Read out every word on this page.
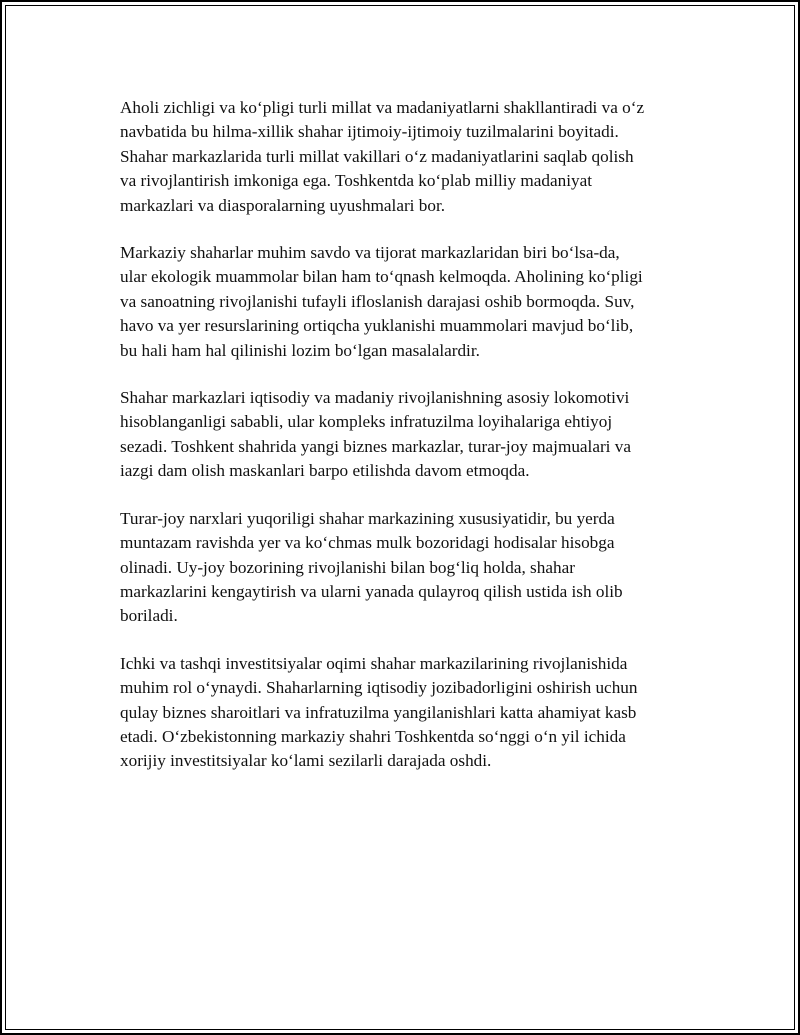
Aholi zichligi va ko‘pligi turli millat va madaniyatlarni shakllantiradi va o‘z
navbatida bu hilma-xillik shahar ijtimoiy-ijtimoiy tuzilmalarini boyitadi.
Shahar markazlarida turli millat vakillari o‘z madaniyatlarini saqlab qolish
va rivojlantirish imkoniga ega. Toshkentda ko‘plab milliy madaniyat
markazlari va diasporalarning uyushmalari bor.

Markaziy shaharlar muhim savdo va tijorat markazlaridan biri bo‘lsa-da,
ular ekologik muammolar bilan ham to‘qnash kelmoqda. Aholining ko‘pligi
va sanoatning rivojlanishi tufayli ifloslanish darajasi oshib bormoqda. Suv,
havo va yer resurslarining ortiqcha yuklanishi muammolari mavjud bo‘lib,
bu hali ham hal qilinishi lozim bo‘lgan masalalardir.

Shahar markazlari iqtisodiy va madaniy rivojlanishning asosiy lokomotivi
hisoblanganligi sababli, ular kompleks infratuzilma loyihalariga ehtiyoj
sezadi. Toshkent shahrida yangi biznes markazlar, turar-joy majmualari va
iazgi dam olish maskanlari barpo etilishda davom etmoqda.

Turar-joy narxlari yuqoriligi shahar markazining xususiyatidir, bu yerda
muntazam ravishda yer va ko‘chmas mulk bozoridagi hodisalar hisobga
olinadi. Uy-joy bozorining rivojlanishi bilan bog‘liq holda, shahar
markazlarini kengaytirish va ularni yanada qulayroq qilish ustida ish olib
boriladi.

Ichki va tashqi investitsiyalar oqimi shahar markazilarining rivojlanishida
muhim rol o‘ynaydi. Shaharlarning iqtisodiy jozibadorligini oshirish uchun
qulay biznes sharoitlari va infratuzilma yangilanishlari katta ahamiyat kasb
etadi. O‘zbekistonning markaziy shahri Toshkentda so‘nggi o‘n yil ichida
xorijiy investitsiyalar ko‘lami sezilarli darajada oshdi.
